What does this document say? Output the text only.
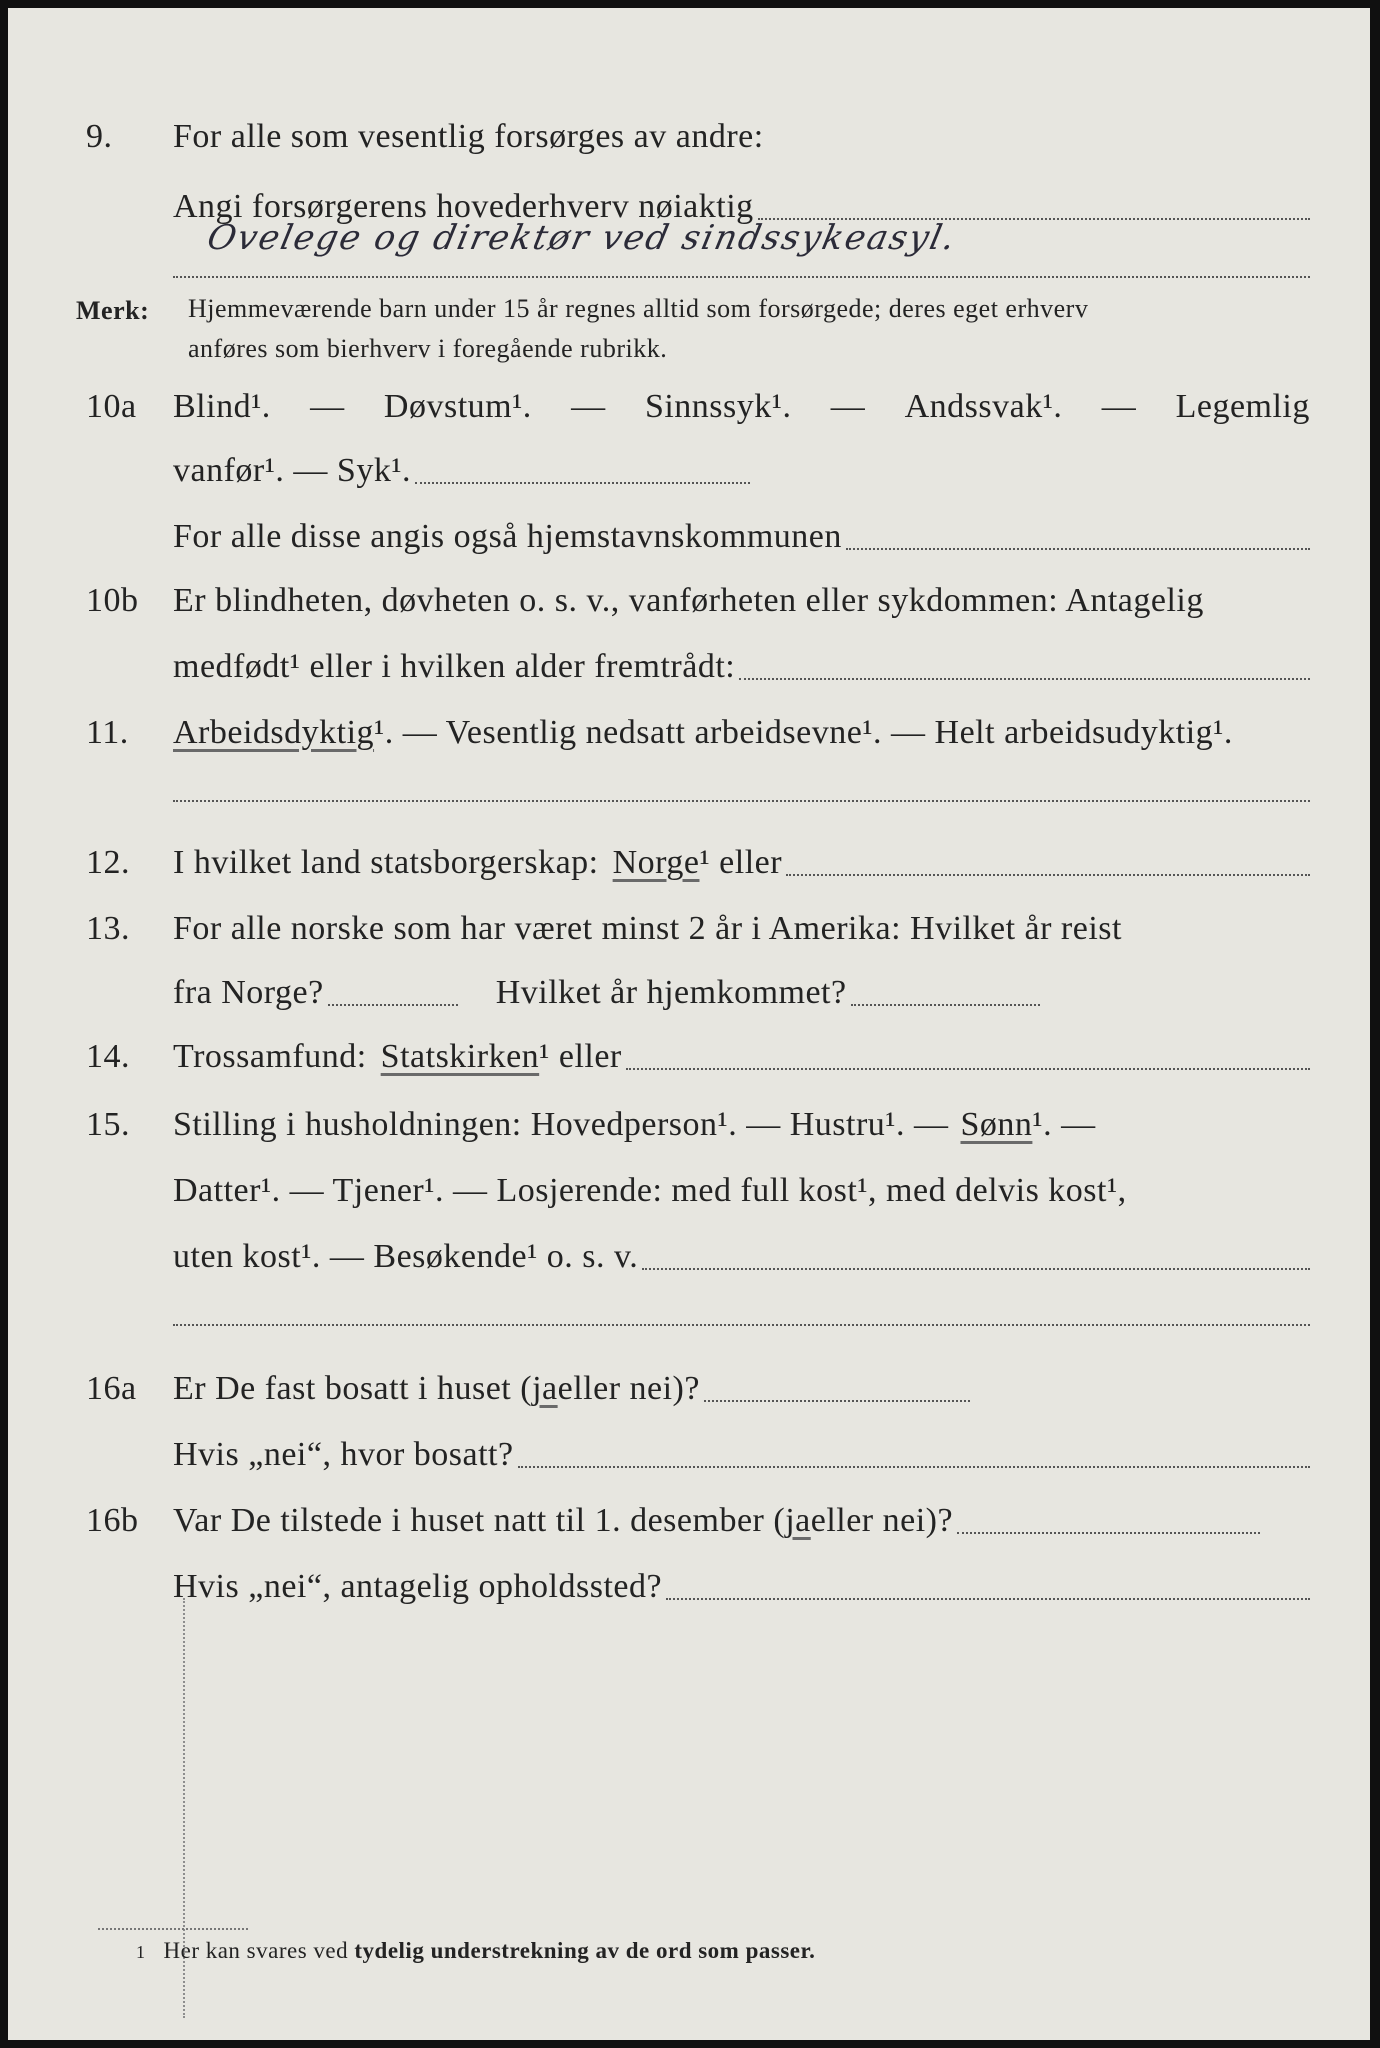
9. For alle som vesentlig forsørges av andre:
Angi forsørgerens hovederhverv nøiaktig
Ovelege og direktør ved sindssykeasyl.
Merk: Hjemmeværende barn under 15 år regnes alltid som forsørgede; deres eget erhverv
anføres som bierhverv i foregående rubrikk.
10a Blind¹. — Døvstum¹. — Sinnssyk¹. — Andssvak¹. — Legemlig
vanfør¹. — Syk¹.
For alle disse angis også hjemstavnskommunen
10b Er blindheten, døvheten o. s. v., vanførheten eller sykdommen: Antagelig
medfødt¹ eller i hvilken alder fremtrådt:
11. Arbeidsdyktig ¹. — Vesentlig nedsatt arbeidsevne¹. — Helt arbeidsudyktig¹.
12. I hvilket land statsborgerskap: Norge ¹ eller
13. For alle norske som har været minst 2 år i Amerika: Hvilket år reist
fra Norge?	Hvilket år hjemkommet?
14. Trossamfund: Statskirken ¹ eller
15. Stilling i husholdningen: Hovedperson¹. — Hustru¹. — Sønn ¹. —
Datter¹. — Tjener¹. — Losjerende: med full kost¹, med delvis kost¹,
uten kost¹. — Besøkende¹ o. s. v.
16a Er De fast bosatt i huset ( ja eller nei)?
Hvis „nei“, hvor bosatt?
16b Var De tilstede i huset natt til 1. desember ( ja eller nei)?
Hvis „nei“, antagelig opholdssted?
1 Her kan svares ved tydelig understrekning av de ord som passer.
